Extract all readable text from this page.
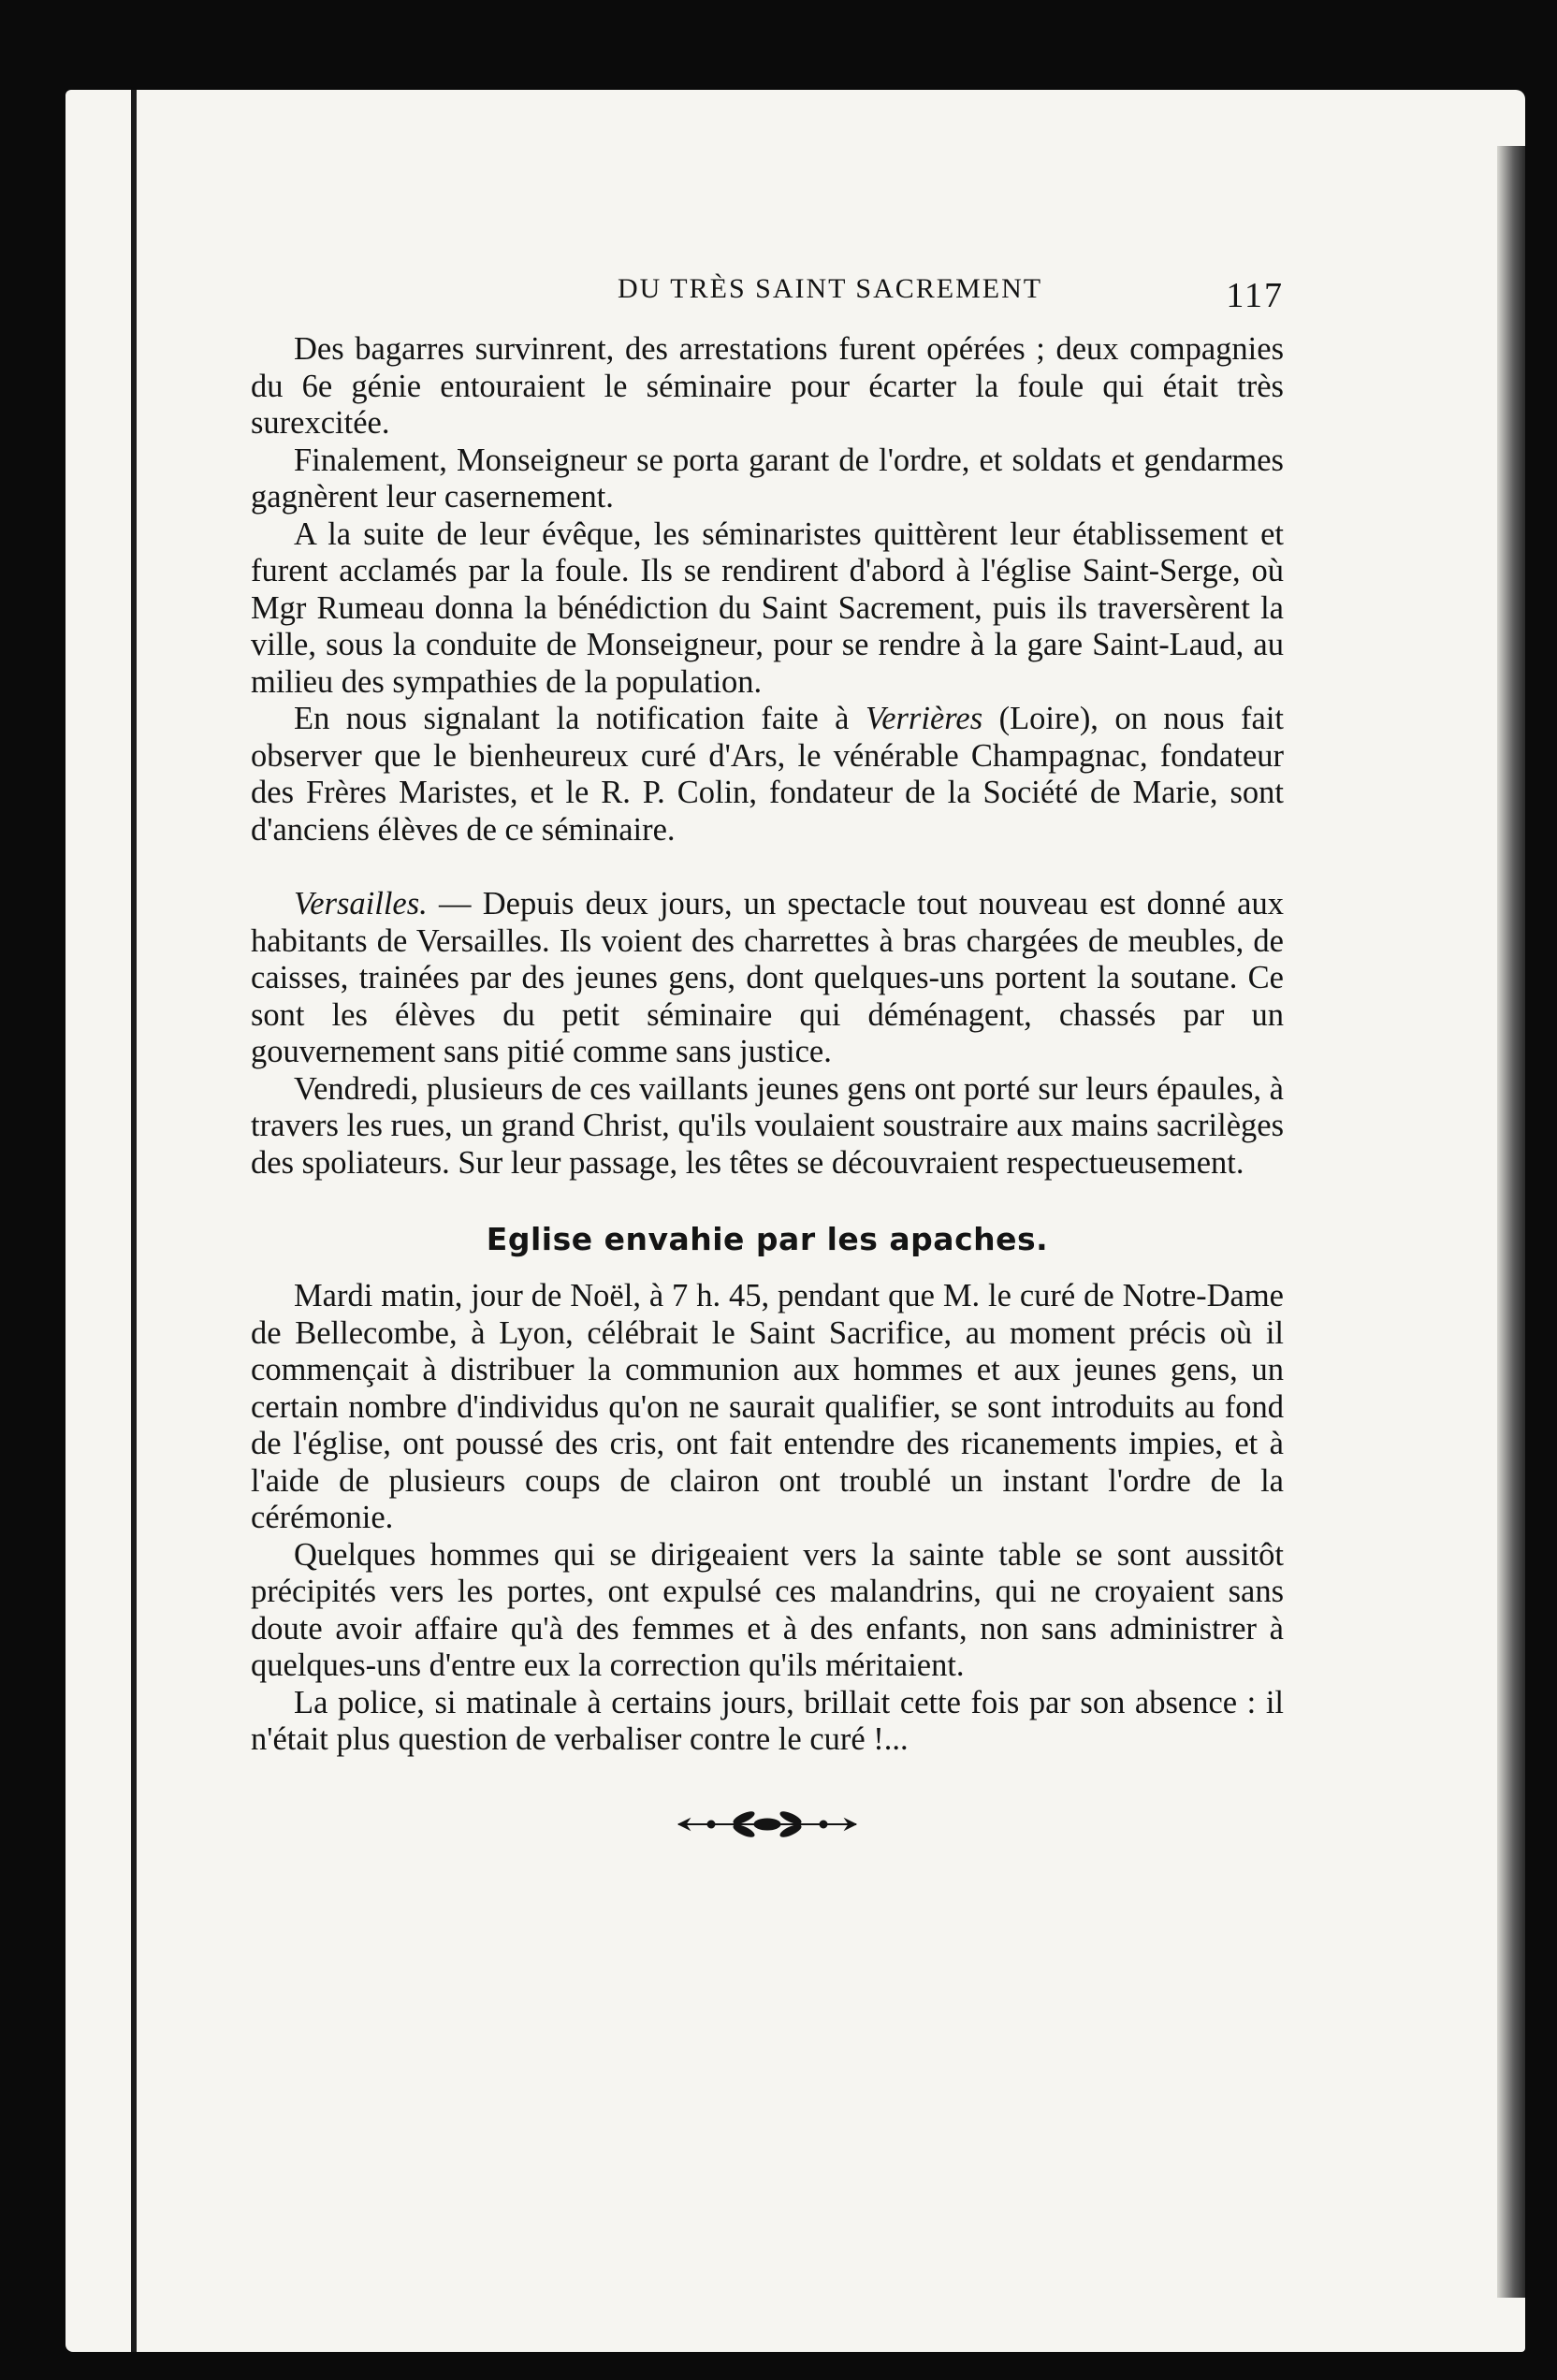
DU TRÈS SAINT SACREMENT	117

Des bagarres survinrent, des arrestations furent opérées ; deux compagnies du 6e génie entouraient le séminaire pour écarter la foule qui était très surexcitée.

Finalement, Monseigneur se porta garant de l'ordre, et soldats et gendarmes gagnèrent leur casernement.

A la suite de leur évêque, les séminaristes quittèrent leur établissement et furent acclamés par la foule. Ils se rendirent d'abord à l'église Saint-Serge, où Mgr Rumeau donna la bénédiction du Saint Sacrement, puis ils traversèrent la ville, sous la conduite de Monseigneur, pour se rendre à la gare Saint-Laud, au milieu des sympathies de la population.

En nous signalant la notification faite à Verrières (Loire), on nous fait observer que le bienheureux curé d'Ars, le vénérable Champagnac, fondateur des Frères Maristes, et le R. P. Colin, fondateur de la Société de Marie, sont d'anciens élèves de ce séminaire.

Versailles. — Depuis deux jours, un spectacle tout nouveau est donné aux habitants de Versailles. Ils voient des charrettes à bras chargées de meubles, de caisses, trainées par des jeunes gens, dont quelques-uns portent la soutane. Ce sont les élèves du petit séminaire qui déménagent, chassés par un gouvernement sans pitié comme sans justice.

Vendredi, plusieurs de ces vaillants jeunes gens ont porté sur leurs épaules, à travers les rues, un grand Christ, qu'ils voulaient soustraire aux mains sacrilèges des spoliateurs. Sur leur passage, les têtes se découvraient respectueusement.

Eglise envahie par les apaches.

Mardi matin, jour de Noël, à 7 h. 45, pendant que M. le curé de Notre-Dame de Bellecombe, à Lyon, célébrait le Saint Sacrifice, au moment précis où il commençait à distribuer la communion aux hommes et aux jeunes gens, un certain nombre d'individus qu'on ne saurait qualifier, se sont introduits au fond de l'église, ont poussé des cris, ont fait entendre des ricanements impies, et à l'aide de plusieurs coups de clairon ont troublé un instant l'ordre de la cérémonie.

Quelques hommes qui se dirigeaient vers la sainte table se sont aussitôt précipités vers les portes, ont expulsé ces malandrins, qui ne croyaient sans doute avoir affaire qu'à des femmes et à des enfants, non sans administrer à quelques-uns d'entre eux la correction qu'ils méritaient.

La police, si matinale à certains jours, brillait cette fois par son absence : il n'était plus question de verbaliser contre le curé !...
